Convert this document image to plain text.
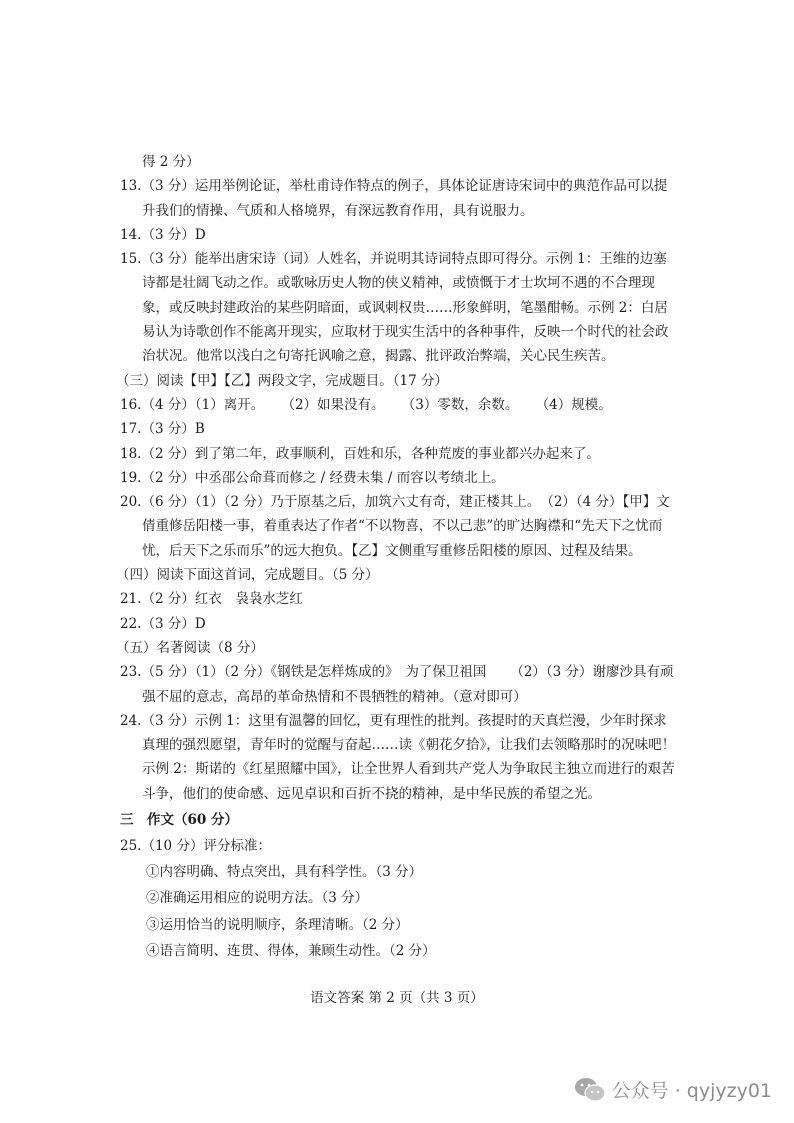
得 2 分）

13.（3 分）运用举例论证，举杜甫诗作特点的例子，具体论证唐诗宋词中的典范作品可以提升我们的情操、气质和人格境界，有深远教育作用，具有说服力。

14.（3 分）D

15.（3 分）能举出唐宋诗（词）人姓名，并说明其诗词特点即可得分。示例 1：王维的边塞诗都是壮阔飞动之作。或歌咏历史人物的侠义精神，或愤慨于才士坎坷不遇的不合理现象，或反映封建政治的某些阴暗面，或讽刺权贵……形象鲜明，笔墨酣畅。示例 2：白居易认为诗歌创作不能离开现实，应取材于现实生活中的各种事件，反映一个时代的社会政治状况。他常以浅白之句寄托讽喻之意，揭露、批评政治弊端，关心民生疾苦。

（三）阅读【甲】【乙】两段文字，完成题目。（17 分）

16.（4 分）（1）离开。 （2）如果没有。 （3）零数，余数。 （4）规模。

17.（3 分）B

18.（2 分）到了第二年，政事顺利，百姓和乐，各种荒废的事业都兴办起来了。

19.（2 分）中丞邵公命葺而修之 / 经费未集 / 而容以考绩北上。

20.（6 分）（1）（2 分）乃于原基之后，加筑六丈有奇，建正楼其上。　（2）（4 分）【甲】文倩重修岳阳楼一事，着重表达了作者“不以物喜，不以己悲”的旷达胸襟和“先天下之忧而忧，后天下之乐而乐”的远大抱负。【乙】文侧重写重修岳阳楼的原因、过程及结果。

（四）阅读下面这首词，完成题目。（5 分）

21.（2 分）红衣　袅袅水芝红

22.（3 分）D

（五）名著阅读（8 分）

23.（5 分）（1）（2 分）《钢铁是怎样炼成的》　 为了保卫祖国 （2）（3 分）谢廖沙具有顽强不屈的意志，高昂的革命热情和不畏牺牲的精神。（意对即可）

24.（3 分）示例 1：这里有温馨的回忆，更有理性的批判。孩提时的天真烂漫，少年时探求真理的强烈愿望，青年时的觉醒与奋起……读《朝花夕拾》，让我们去领略那时的况味吧！示例 2：斯诺的《红星照耀中国》，让全世界人看到共产党人为争取民主独立而进行的艰苦斗争，他们的使命感、远见卓识和百折不挠的精神，是中华民族的希望之光。

三　作文（60 分）

25.（10 分）评分标准：

①内容明确、特点突出，具有科学性。（3 分）

②准确运用相应的说明方法。（3 分）

③运用恰当的说明顺序，条理清晰。（2 分）

④语言简明、连贯、得体，兼顾生动性。（2 分）

语文答案 第 2 页（共 3 页）
公众号 · qyjyzy01
